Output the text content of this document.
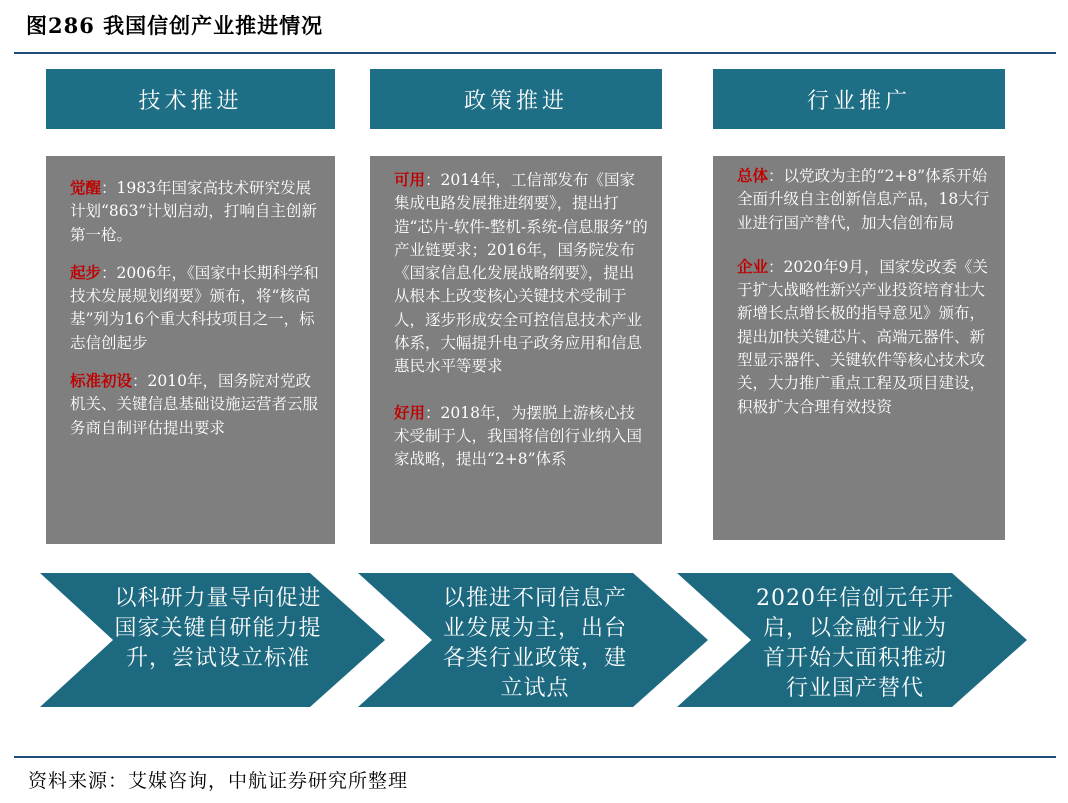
图286 我国信创产业推进情况
技术推进	政策推进	行业推广
觉醒：1983年国家高技术研究发展计划“863”计划启动，打响自主创新第一枪。
起步：2006年，《国家中长期科学和技术发展规划纲要》颁布，将“核高基”列为16个重大科技项目之一，标志信创起步
标准初设：2010年，国务院对党政机关、关键信息基础设施运营者云服务商自制评估提出要求
可用：2014年，工信部发布《国家集成电路发展推进纲要》，提出打造“芯片-软件-整机-系统-信息服务”的产业链要求；2016年，国务院发布《国家信息化发展战略纲要》，提出从根本上改变核心关键技术受制于人，逐步形成安全可控信息技术产业体系，大幅提升电子政务应用和信息惠民水平等要求
好用：2018年，为摆脱上游核心技术受制于人，我国将信创行业纳入国家战略，提出“2+8”体系
总体：以党政为主的“2+8”体系开始全面升级自主创新信息产品，18大行业进行国产替代，加大信创布局
企业：2020年9月，国家发改委《关于扩大战略性新兴产业投资培育壮大新增长点增长极的指导意见》颁布，提出加快关键芯片、高端元器件、新型显示器件、关键软件等核心技术攻关，大力推广重点工程及项目建设，积极扩大合理有效投资
以科研力量导向促进国家关键自研能力提升，尝试设立标准
以推进不同信息产业发展为主，出台各类行业政策，建立试点
2020年信创元年开启，以金融行业为首开始大面积推动行业国产替代
资料来源：艾媒咨询，中航证券研究所整理
